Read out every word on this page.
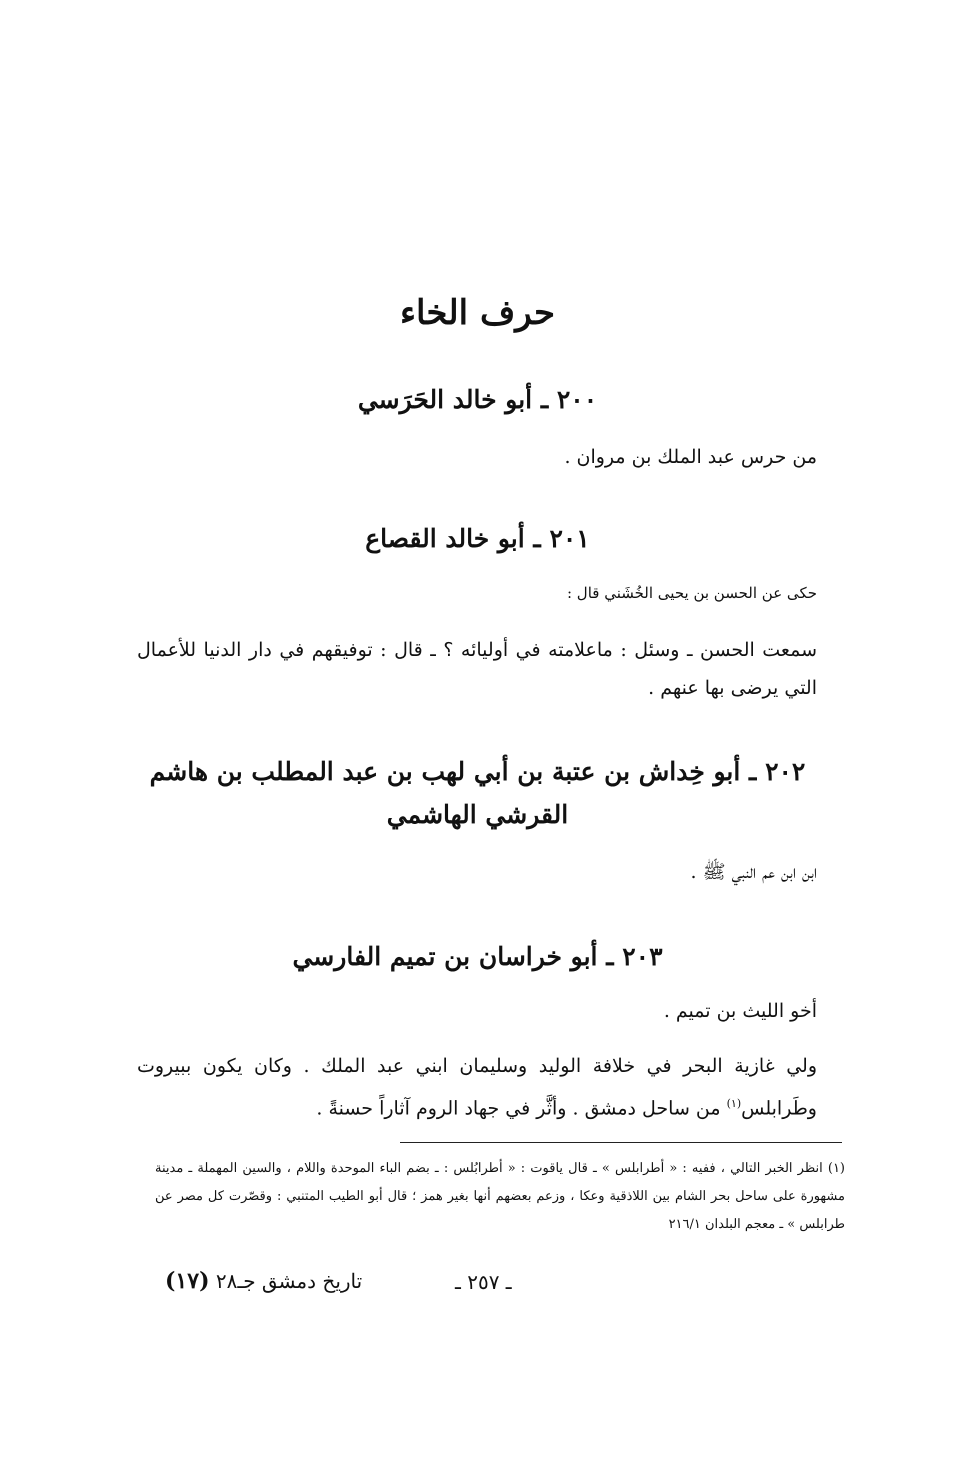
حرف الخاء
٢٠٠ ـ أبو خالد الحَرَسي
من حرس عبد الملك بن مروان .
٢٠١ ـ أبو خالد القصاع
حكى عن الحسن بن يحيى الخُشَني قال :
سمعت الحسن ـ وسئل : ماعلامته في أوليائه ؟ ـ قال : توفيقهم في دار الدنيا للأعمال التي يرضى بها عنهم .
٢٠٢ ـ أبو خِداش بن عتبة بن أبي لهب بن عبد المطلب بن هاشم
القرشي الهاشمي
ابن ابن عم النبي ﷺ .
٢٠٣ ـ أبو خراسان بن تميم الفارسي
أخو الليث بن تميم .
ولي غازية البحر في خلافة الوليد وسليمان ابني عبد الملك . وكان يكون ببيروت وطَرابلس$^{(١)}$ من ساحل دمشق . وأثَّر في جهاد الروم آثاراً حسنةً .
(١) انظر الخبر التالي ، ففيه : « أطرابلس » ـ قال ياقوت : « أطرابُلس : ـ بضم الباء الموحدة واللام ، والسين المهملة ـ مدينة مشهورة على ساحل بحر الشام بين اللاذقية وعكا ، وزعم بعضهم أنها بغير همز ؛ قال أبو الطيب المتنبي : وقصّرت كل مصر عن طرابلس » ـ معجم البلدان ٢١٦/١
تاريخ دمشق جـ٢٨ (١٧)	ـ ٢٥٧ ـ
